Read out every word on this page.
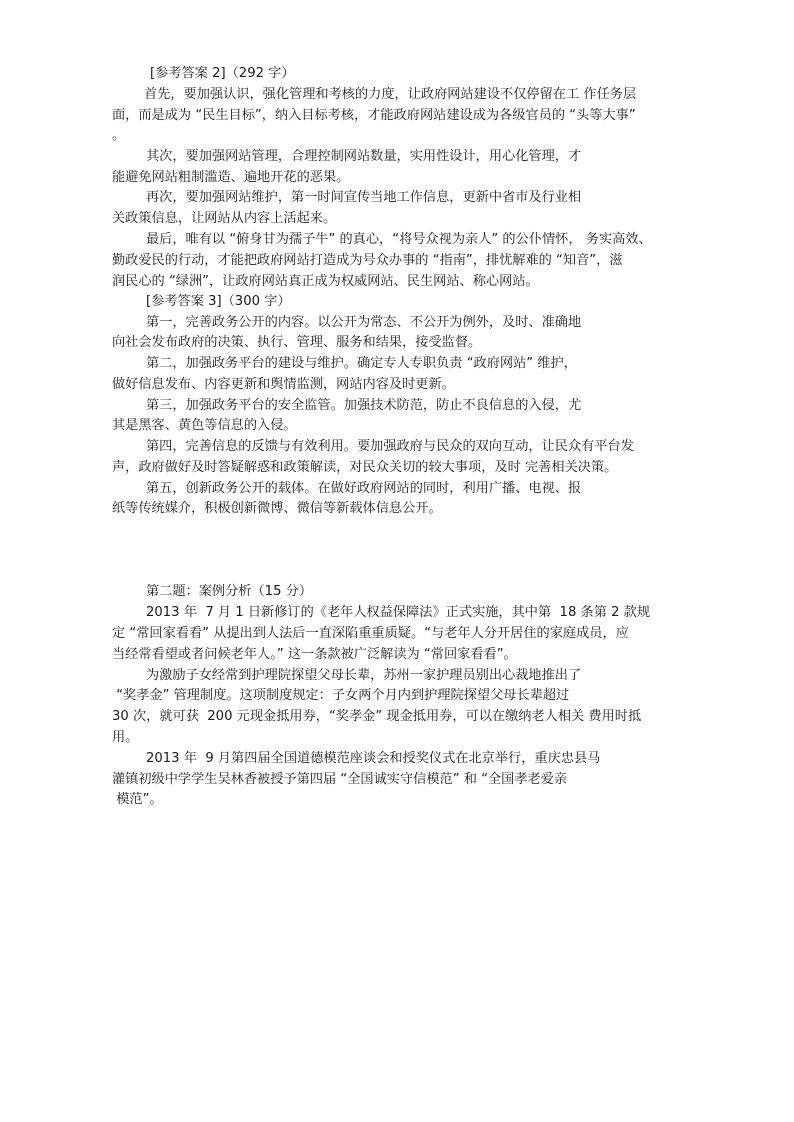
[参考答案 2]（292 字）

首先，要加强认识，强化管理和考核的力度，让政府网站建设不仅停留在工 作任务层

面，而是成为 “民生目标”，纳入目标考核，才能政府网站建设成为各级官员的 “头等大事”

。

其次，要加强网站管理，合理控制网站数量，实用性设计，用心化管理，才

能避免网站粗制滥造、遍地开花的恶果。

再次，要加强网站维护，第一时间宣传当地工作信息，更新中省市及行业相

关政策信息，让网站从内容上活起来。

最后，唯有以 “俯身甘为孺子牛” 的真心，“将号众视为亲人” 的公仆情怀， 务实高效、

勤政爱民的行动，才能把政府网站打造成为号众办事的 “指南”，排忧解难的 “知音”，滋

润民心的 “绿洲”，让政府网站真正成为权威网站、民生网站、称心网站。

[参考答案 3]（300 字）

第一，完善政务公开的内容。以公开为常态、不公开为例外，及时、准确地

向社会发布政府的决策、执行、管理、服务和结果，接受监督。

第二，加强政务平台的建设与维护。确定专人专职负责 “政府网站” 维护，

做好信息发布、内容更新和舆情监测，网站内容及时更新。

第三，加强政务平台的安全监管。加强技术防范，防止不良信息的入侵，尤

其是黑客、黄色等信息的入侵。

第四，完善信息的反馈与有效利用。要加强政府与民众的双向互动，让民众有平台发

声，政府做好及时答疑解惑和政策解读，对民众关切的较大事项，及时 完善相关决策。

第五，创新政务公开的载体。在做好政府网站的同时，利用广播、电视、报

纸等传统媒介，积极创新微博、微信等新载体信息公开。

第二题：案例分析（15 分）

2013 年  7 月 1 日新修订的《老年人权益保障法》正式实施，其中第  18 条第 2 款规

定 “常回家看看” 从提出到人法后一直深陷重重质疑。“与老年人分开居住的家庭成员，应

当经常看望或者问候老年人。” 这一条款被广泛解读为 “常回家看看”。

为激励子女经常到护理院探望父母长辈，苏州一家护理员别出心裁地推出了

“奖孝金” 管理制度。这项制度规定：子女两个月内到护理院探望父母长辈超过

30 次，就可获  200 元现金抵用券，“奖孝金” 现金抵用券，可以在缴纳老人相关 费用时抵

用。

2013 年  9 月第四届全国道德模范座谈会和授奖仪式在北京举行，重庆忠县马

灌镇初级中学学生吴林香被授予第四届 “全国诚实守信模范” 和 “全国孝老爱亲

模范”。
